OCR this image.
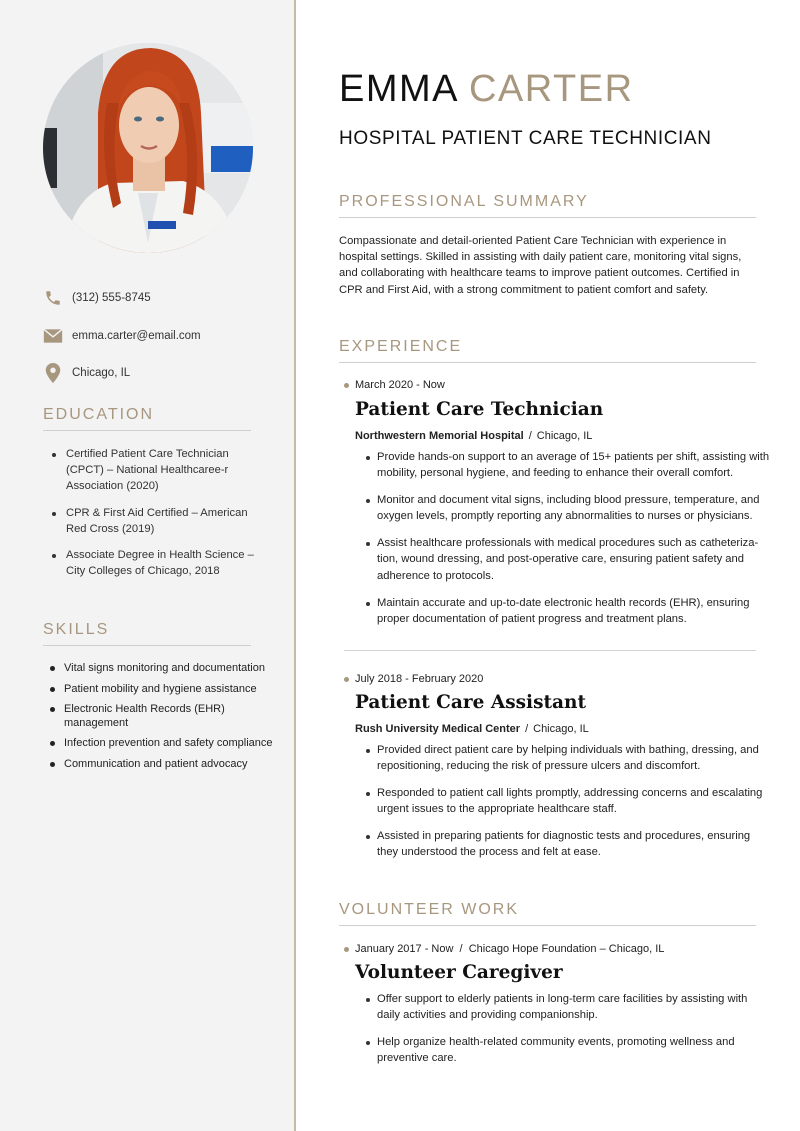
(312) 555-8745
emma.carter@email.com
Chicago, IL
EDUCATION
Certified Patient Care Technician (CPCT) – National Healthcaree-r Association (2020)
CPR & First Aid Certified – American Red Cross (2019)
Associate Degree in Health Science – City Colleges of Chicago, 2018
SKILLS
Vital signs monitoring and documentation
Patient mobility and hygiene assistance
Electronic Health Records (EHR) management
Infection prevention and safety compliance
Communication and patient advocacy
EMMA CARTER
HOSPITAL PATIENT CARE TECHNICIAN
PROFESSIONAL SUMMARY

Compassionate and detail-oriented Patient Care Technician with experience in hospital settings. Skilled in assisting with daily patient care, monitoring vital signs, and collaborating with healthcare teams to improve patient outcomes. Certified in CPR and First Aid, with a strong commitment to patient comfort and safety.

EXPERIENCE
March 2020 - Now
Patient Care Technician
Northwestern Memorial Hospital / Chicago, IL
Provide hands-on support to an average of 15+ patients per shift, assisting with mobility, personal hygiene, and feeding to enhance their overall comfort.
Monitor and document vital signs, including blood pressure, temperature, and oxygen levels, promptly reporting any abnormalities to nurses or physicians.
Assist healthcare professionals with medical procedures such as catheteriza-tion, wound dressing, and post-operative care, ensuring patient safety and adherence to protocols.
Maintain accurate and up-to-date electronic health records (EHR), ensuring proper documentation of patient progress and treatment plans.
July 2018 - February 2020
Patient Care Assistant
Rush University Medical Center / Chicago, IL
Provided direct patient care by helping individuals with bathing, dressing, and repositioning, reducing the risk of pressure ulcers and discomfort.
Responded to patient call lights promptly, addressing concerns and escalating urgent issues to the appropriate healthcare staff.
Assisted in preparing patients for diagnostic tests and procedures, ensuring they understood the process and felt at ease.
VOLUNTEER WORK
January 2017 - Now  /  Chicago Hope Foundation – Chicago, IL
Volunteer Caregiver
Offer support to elderly patients in long-term care facilities by assisting with daily activities and providing companionship.
Help organize health-related community events, promoting wellness and preventive care.
